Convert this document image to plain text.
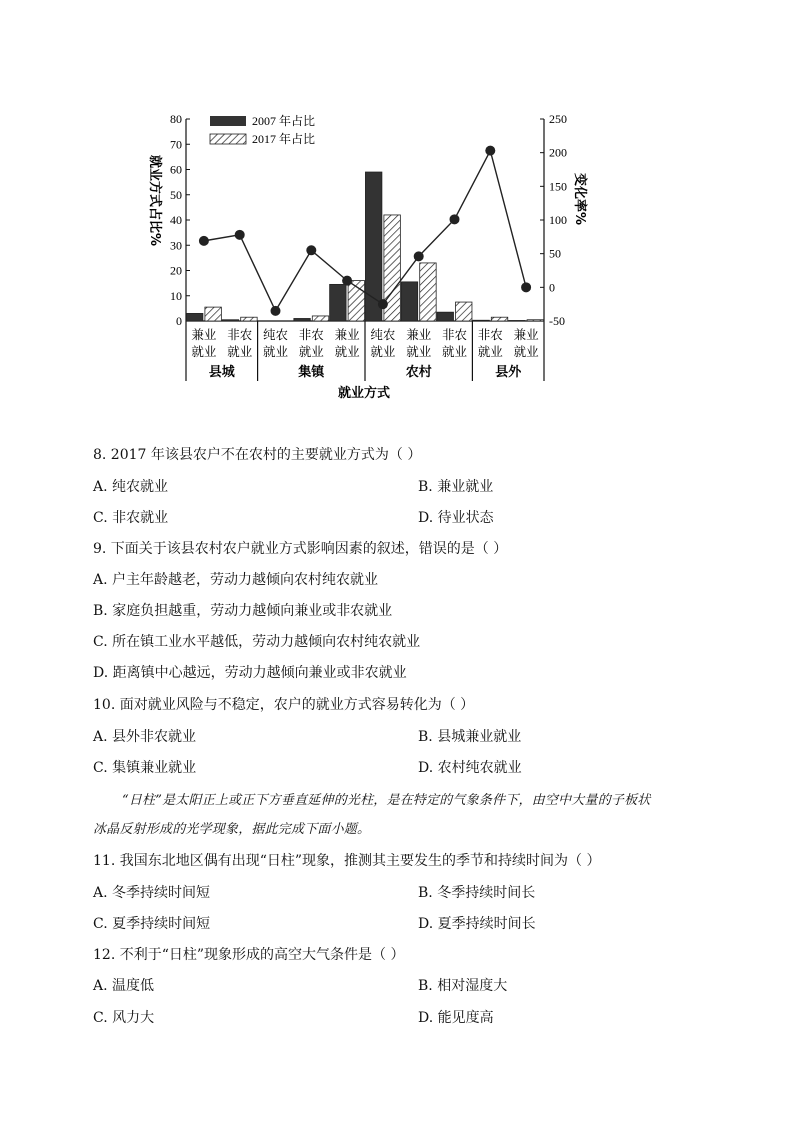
0
10
20
30
40
50
60
70
80
-50
0
50
100
150
200
250
兼业
就业
非农
就业
纯农
就业
非农
就业
兼业
就业
纯农
就业
兼业
就业
非农
就业
非农
就业
兼业
就业
县城	集镇	农村	县外
2007 年占比
2017 年占比
就业方式占比%	变化率%
就业方式
8. 2017 年该县农户不在农村的主要就业方式为（ ）
A. 纯农就业	B. 兼业就业
C. 非农就业	D. 待业状态
9. 下面关于该县农村农户就业方式影响因素的叙述，错误的是（ ）
A. 户主年龄越老，劳动力越倾向农村纯农就业
B. 家庭负担越重，劳动力越倾向兼业或非农就业
C. 所在镇工业水平越低，劳动力越倾向农村纯农就业
D. 距离镇中心越远，劳动力越倾向兼业或非农就业
10. 面对就业风险与不稳定，农户的就业方式容易转化为（ ）
A. 县外非农就业	B. 县城兼业就业
C. 集镇兼业就业	D. 农村纯农就业
“日柱”是太阳正上或正下方垂直延伸的光柱，是在特定的气象条件下，由空中大量的子板状
冰晶反射形成的光学现象，据此完成下面小题。
11. 我国东北地区偶有出现“日柱”现象，推测其主要发生的季节和持续时间为（ ）
A. 冬季持续时间短	B. 冬季持续时间长
C. 夏季持续时间短	D. 夏季持续时间长
12. 不利于“日柱”现象形成的高空大气条件是（ ）
A. 温度低	B. 相对湿度大
C. 风力大	D. 能见度高
